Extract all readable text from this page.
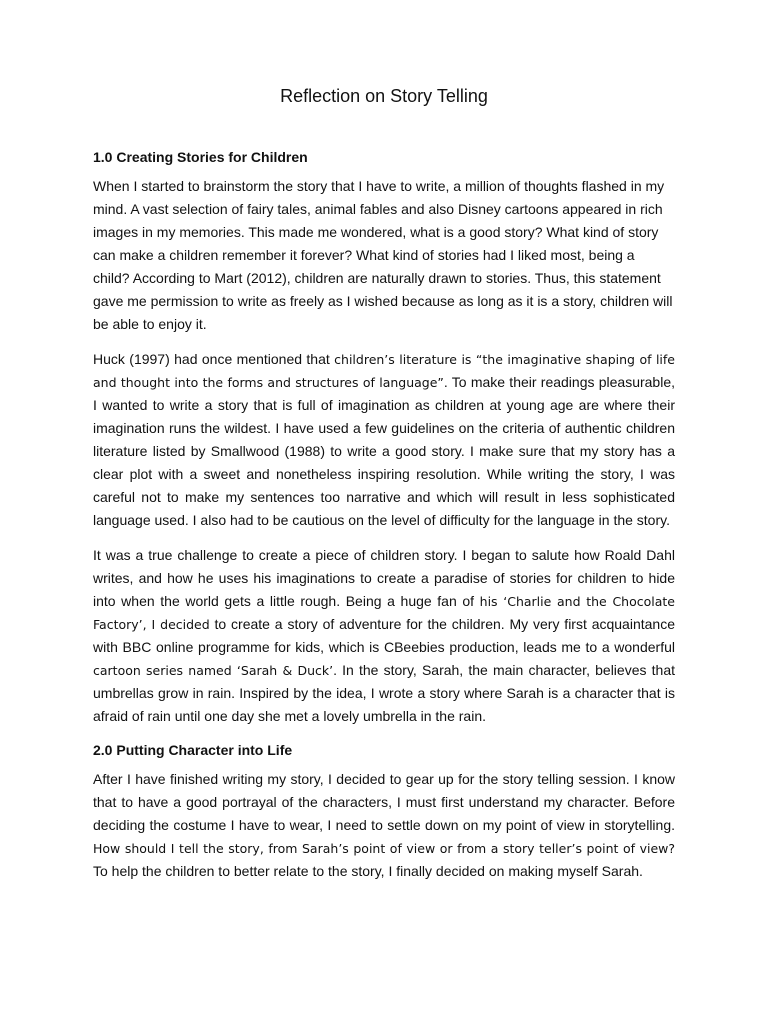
Reflection on Story Telling
1.0 Creating Stories for Children

When I started to brainstorm the story that I have to write, a million of thoughts flashed in my mind. A vast selection of fairy tales, animal fables and also Disney cartoons appeared in rich images in my memories. This made me wondered, what is a good story? What kind of story can make a children remember it forever? What kind of stories had I liked most, being a child? According to Mart (2012), children are naturally drawn to stories. Thus, this statement gave me permission to write as freely as I wished because as long as it is a story, children will be able to enjoy it.

Huck (1997) had once mentioned that children’s literature is “the imaginative shaping of life and thought into the forms and structures of language”. To make their readings pleasurable, I wanted to write a story that is full of imagination as children at young age are where their imagination runs the wildest. I have used a few guidelines on the criteria of authentic children literature listed by Smallwood (1988) to write a good story. I make sure that my story has a clear plot with a sweet and nonetheless inspiring resolution. While writing the story, I was careful not to make my sentences too narrative and which will result in less sophisticated language used. I also had to be cautious on the level of difficulty for the language in the story.

It was a true challenge to create a piece of children story. I began to salute how Roald Dahl writes, and how he uses his imaginations to create a paradise of stories for children to hide into when the world gets a little rough. Being a huge fan of his ‘Charlie and the Chocolate Factory’, I decided to create a story of adventure for the children. My very first acquaintance with BBC online programme for kids, which is CBeebies production, leads me to a wonderful cartoon series named ‘Sarah & Duck’. In the story, Sarah, the main character, believes that umbrellas grow in rain. Inspired by the idea, I wrote a story where Sarah is a character that is afraid of rain until one day she met a lovely umbrella in the rain.

2.0 Putting Character into Life

After I have finished writing my story, I decided to gear up for the story telling session. I know that to have a good portrayal of the characters, I must first understand my character. Before deciding the costume I have to wear, I need to settle down on my point of view in storytelling. How should I tell the story, from Sarah’s point of view or from a story teller’s point of view? To help the children to better relate to the story, I finally decided on making myself Sarah.
